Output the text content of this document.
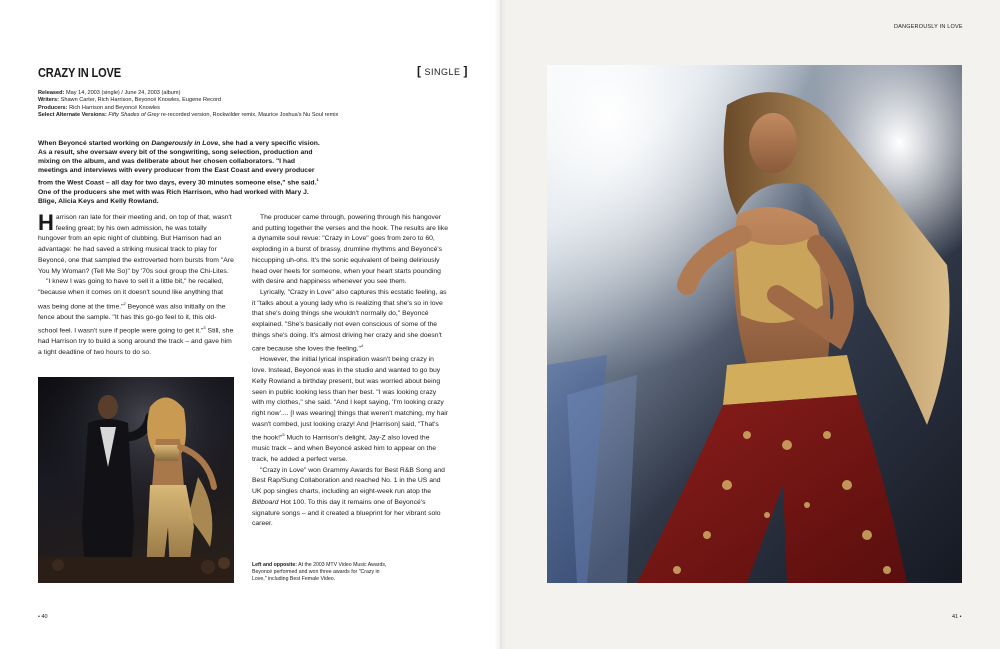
CRAZY IN LOVE	[ SINGLE ]
DANGEROUSLY IN LOVE
Released: May 14, 2003 (single) / June 24, 2003 (album)
Writers: Shawn Carter, Rich Harrison, Beyoncé Knowles, Eugene Record
Producers: Rich Harrison and Beyoncé Knowles
Select Alternate Versions: Fifty Shades of Grey re-recorded version, Rockwilder remix, Maurice Joshua's Nu Soul remix
When Beyoncé started working on Dangerously in Love, she had a very specific vision. As a result, she oversaw every bit of the songwriting, song selection, production and mixing on the album, and was deliberate about her chosen collaborators. "I had meetings and interviews with every producer from the East Coast and every producer from the West Coast – all day for two days, every 30 minutes someone else," she said.$^1$ One of the producers she met with was Rich Harrison, who had worked with Mary J. Blige, Alicia Keys and Kelly Rowland.

Harrison ran late for their meeting and, on top of that, wasn't feeling great; by his own admission, he was totally hungover from an epic night of clubbing. But Harrison had an advantage: he had saved a striking musical track to play for Beyoncé, one that sampled the extroverted horn bursts from "Are You My Woman? (Tell Me So)" by '70s soul group the Chi-Lites.

"I knew I was going to have to sell it a little bit," he recalled, "because when it comes on it doesn't sound like anything that was being done at the time."$^2$ Beyoncé was also initially on the fence about the sample. "It has this go-go feel to it, this old-school feel. I wasn't sure if people were going to get it."$^3$ Still, she had Harrison try to build a song around the track – and gave him a tight deadline of two hours to do so.

The producer came through, powering through his hangover and putting together the verses and the hook. The results are like a dynamite soul revue: "Crazy in Love" goes from zero to 60, exploding in a burst of brassy, drumline rhythms and Beyoncé's hiccupping uh-ohs. It's the sonic equivalent of being deliriously head over heels for someone, when your heart starts pounding with desire and happiness whenever you see them.

Lyrically, "Crazy in Love" also captures this ecstatic feeling, as it "talks about a young lady who is realizing that she's so in love that she's doing things she wouldn't normally do," Beyoncé explained. "She's basically not even conscious of some of the things she's doing. It's almost driving her crazy and she doesn't care because she loves the feeling."$^4$

However, the initial lyrical inspiration wasn't being crazy in love. Instead, Beyoncé was in the studio and wanted to go buy Kelly Rowland a birthday present, but was worried about being seen in public looking less than her best. "I was looking crazy with my clothes," she said. "And I kept saying, 'I'm looking crazy right now'.... [I was wearing] things that weren't matching, my hair wasn't combed, just looking crazy! And [Harrison] said, "That's the hook!"$^5$ Much to Harrison's delight, Jay-Z also loved the music track – and when Beyoncé asked him to appear on the track, he added a perfect verse.

"Crazy in Love" won Grammy Awards for Best R&B Song and Best Rap/Sung Collaboration and reached No. 1 in the US and UK pop singles charts, including an eight-week run atop the Billboard Hot 100. To this day it remains one of Beyoncé's signature songs – and it created a blueprint for her vibrant solo career.

Left and opposite: At the 2003 MTV Video Music Awards, Beyoncé performed and won three awards for "Crazy in Love," including Best Female Video.
• 40	41 •
